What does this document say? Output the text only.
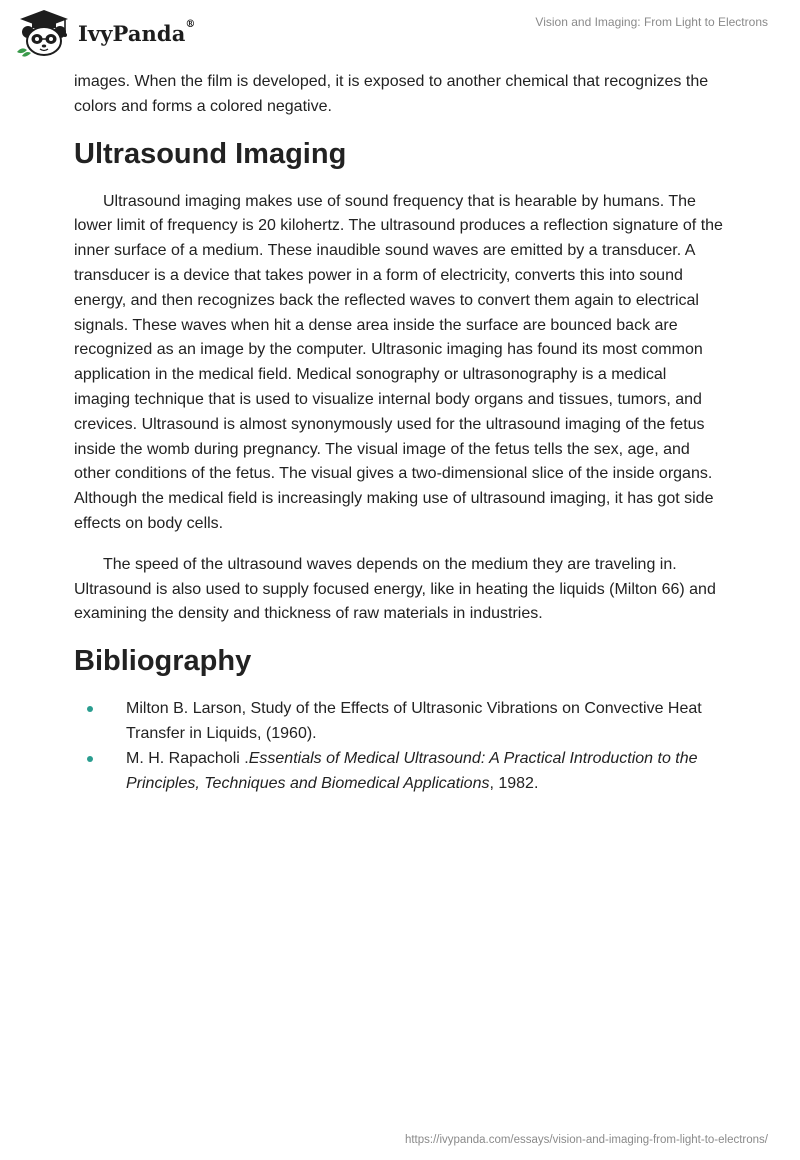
IvyPanda®	Vision and Imaging: From Light to Electrons

images. When the film is developed, it is exposed to another chemical that recognizes the colors and forms a colored negative.

Ultrasound Imaging

Ultrasound imaging makes use of sound frequency that is hearable by humans. The lower limit of frequency is 20 kilohertz. The ultrasound produces a reflection signature of the inner surface of a medium. These inaudible sound waves are emitted by a transducer. A transducer is a device that takes power in a form of electricity, converts this into sound energy, and then recognizes back the reflected waves to convert them again to electrical signals. These waves when hit a dense area inside the surface are bounced back are recognized as an image by the computer. Ultrasonic imaging has found its most common application in the medical field. Medical sonography or ultrasonography is a medical imaging technique that is used to visualize internal body organs and tissues, tumors, and crevices. Ultrasound is almost synonymously used for the ultrasound imaging of the fetus inside the womb during pregnancy. The visual image of the fetus tells the sex, age, and other conditions of the fetus. The visual gives a two-dimensional slice of the inside organs. Although the medical field is increasingly making use of ultrasound imaging, it has got side effects on body cells.

The speed of the ultrasound waves depends on the medium they are traveling in. Ultrasound is also used to supply focused energy, like in heating the liquids (Milton 66) and examining the density and thickness of raw materials in industries.

Bibliography
Milton B. Larson, Study of the Effects of Ultrasonic Vibrations on Convective Heat Transfer in Liquids, (1960).
M. H. Rapacholi .Essentials of Medical Ultrasound: A Practical Introduction to the Principles, Techniques and Biomedical Applications, 1982.
https://ivypanda.com/essays/vision-and-imaging-from-light-to-electrons/
